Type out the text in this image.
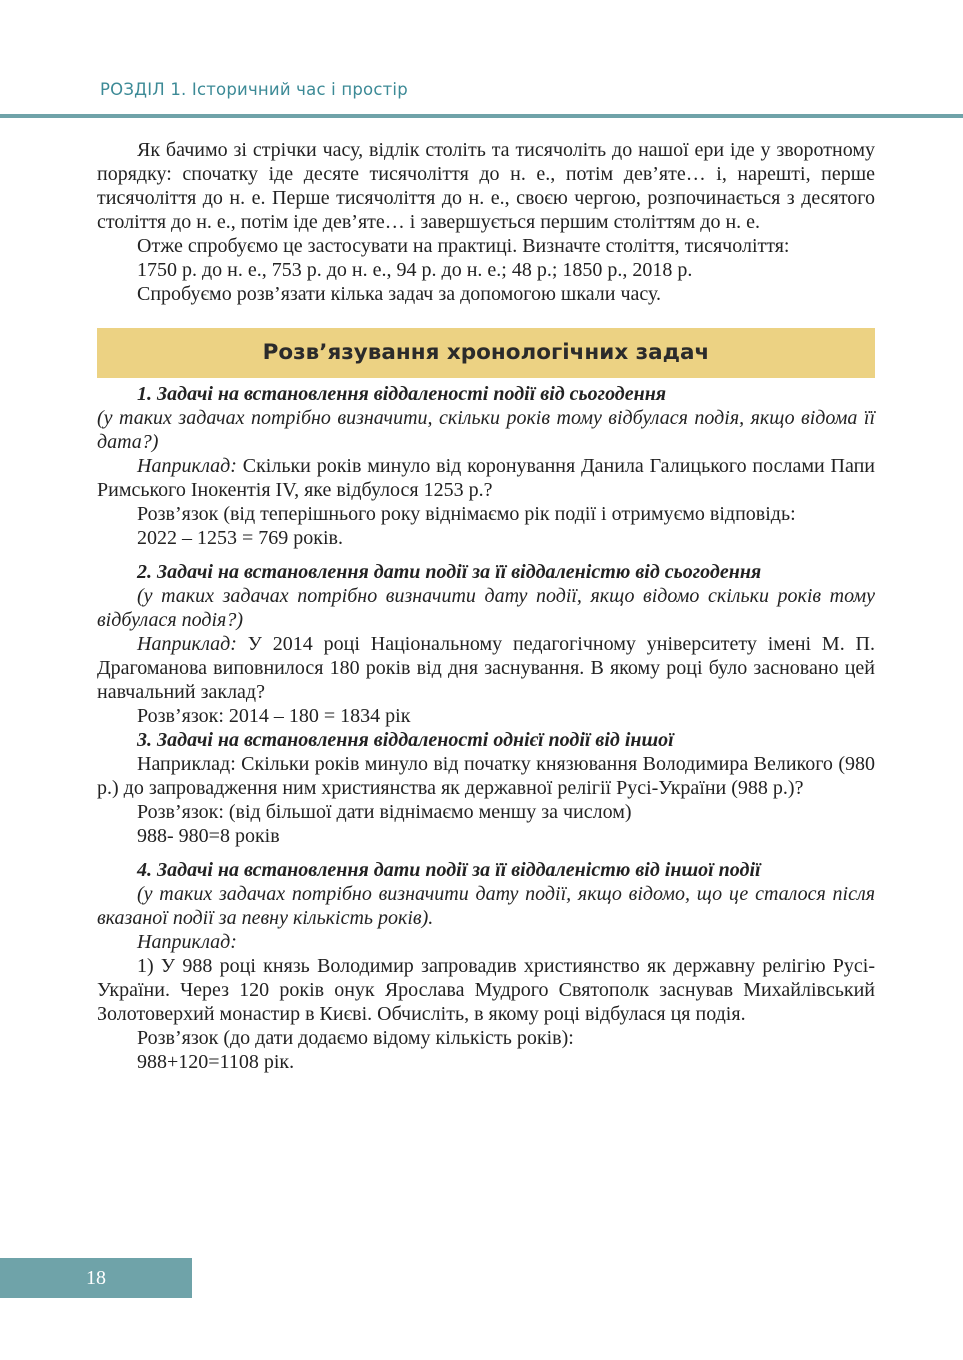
РОЗДІЛ 1. Історичний час і простір

Як бачимо зі стрічки часу, відлік століть та тисячоліть до нашої ери іде у зворотному порядку: спочатку іде десяте тисячоліття до н. е., потім дев’яте… і, нарешті, перше тисячоліття до н. е. Перше тисячоліття до н. е., своєю чергою, розпочинається з десятого століття до н. е., потім іде дев’яте… і завершується першим століттям до н. е.

Отже спробуємо це застосувати на практиці. Визначте століття, тисячоліття:

1750 р. до н. е., 753 р. до н. е., 94 р. до н. е.; 48 р.; 1850 р., 2018 р.

Спробуємо розв’язати кілька задач за допомогою шкали часу.

Розв’язування хронологічних задач

1. Задачі на встановлення віддаленості події від сьогодення

(у таких задачах потрібно визначити, скільки років тому відбулася подія, якщо відома її дата?)

Наприклад: Скільки років минуло від коронування Данила Галицького послами Папи Римського Інокентія IV, яке відбулося 1253 р.?

Розв’язок (від теперішнього року віднімаємо рік події і отримуємо відповідь:

2022 – 1253 = 769 років.

2. Задачі на встановлення дати події за її віддаленістю від сьогодення

(у таких задачах потрібно визначити дату події, якщо відомо скільки років тому відбулася подія?)

Наприклад: У 2014 році Національному педагогічному університету імені М. П. Драгоманова виповнилося 180 років від дня заснування. В якому році було засновано цей навчальний заклад?

Розв’язок: 2014 – 180 = 1834 рік

3. Задачі на встановлення віддаленості однієї події від іншої

Наприклад: Скільки років минуло від початку князювання Володимира Великого (980 р.) до запровадження ним християнства як державної релігії Русі-України (988 р.)?

Розв’язок: (від більшої дати віднімаємо меншу за числом)

988- 980=8 років

4. Задачі на встановлення дати події за її віддаленістю від іншої події

(у таких задачах потрібно визначити дату події, якщо відомо, що це сталося після вказаної події за певну кількість років).

Наприклад:

1) У 988 році князь Володимир запровадив християнство як державну релігію Русі-України. Через 120 років онук Ярослава Мудрого Святополк заснував Михайлівський Золотоверхий монастир в Києві. Обчисліть, в якому році відбулася ця подія.

Розв’язок (до дати додаємо відому кількість років):

988+120=1108 рік.

18
